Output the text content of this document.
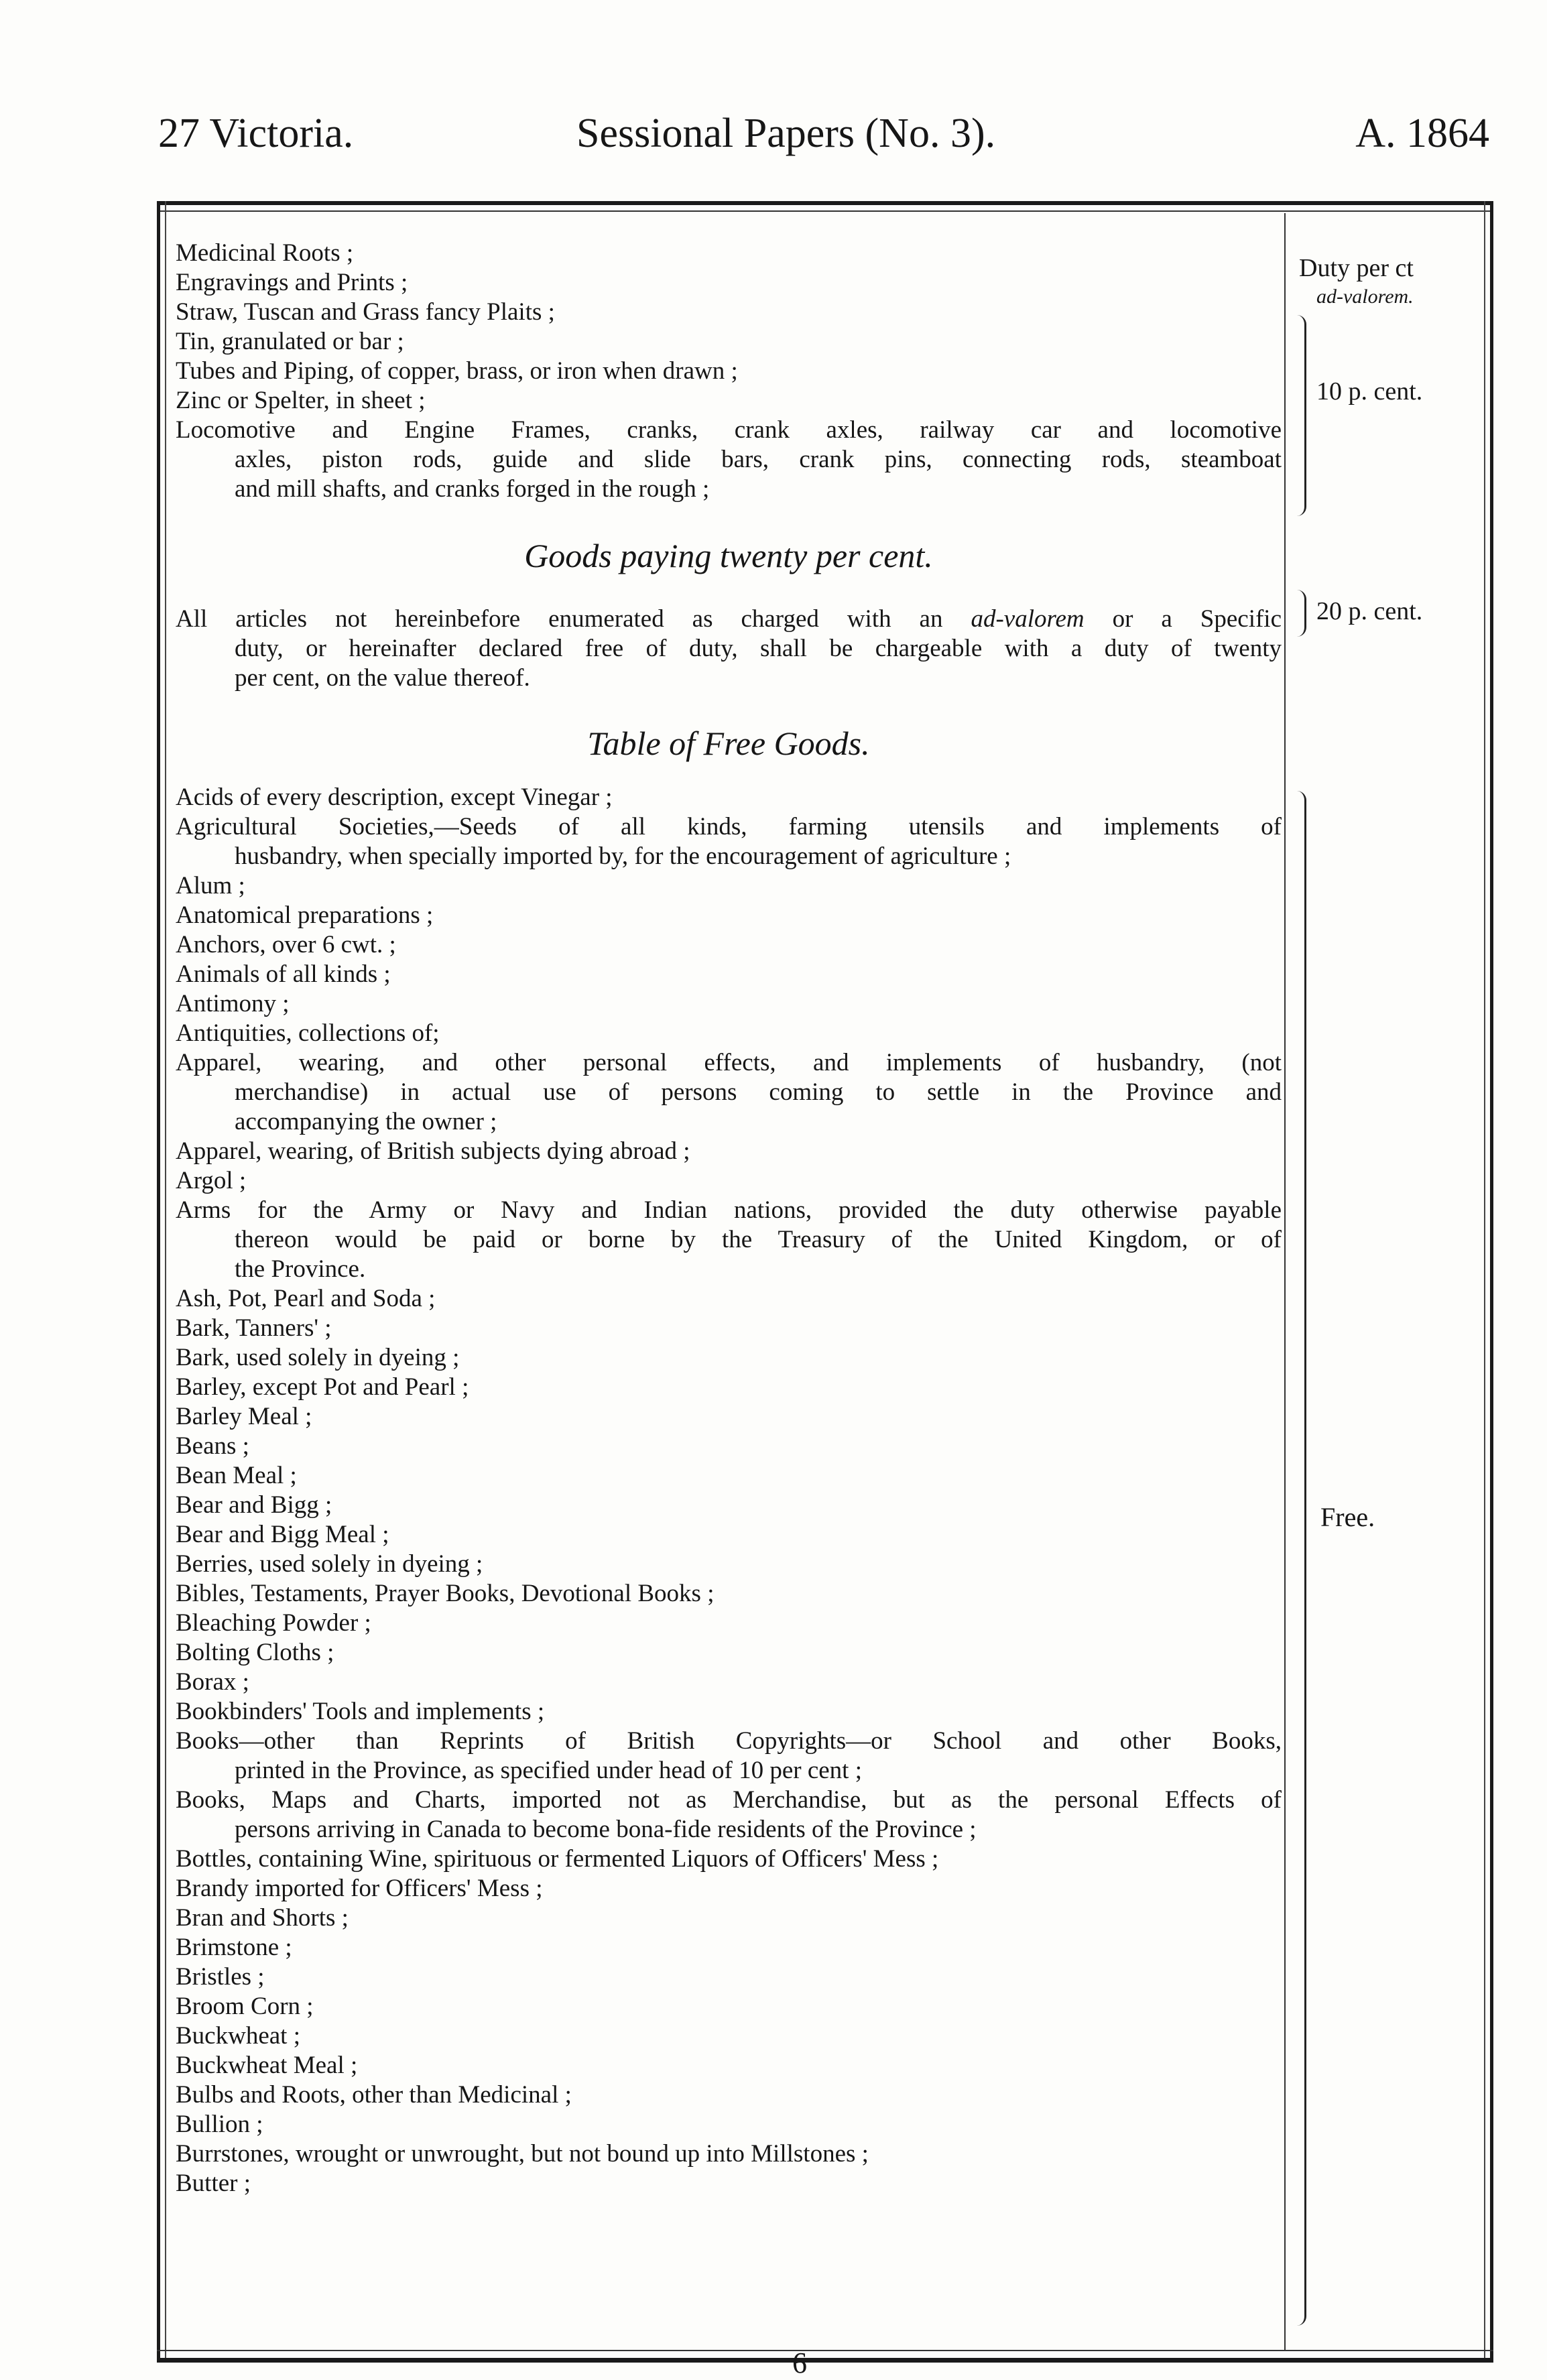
27 Victoria.	Sessional Papers (No. 3).	A. 1864
Medicinal Roots ;
Engravings and Prints ;
Straw, Tuscan and Grass fancy Plaits ;
Tin, granulated or bar ;
Tubes and Piping, of copper, brass, or iron when drawn ;
Zinc or Spelter, in sheet ;
Locomotive and Engine Frames, cranks, crank axles, railway car and locomotive
axles, piston rods, guide and slide bars, crank pins, connecting rods, steamboat
and mill shafts, and cranks forged in the rough ;
Duty per ct
ad-valorem.
10 p. cent.
Goods paying twenty per cent.
All articles not hereinbefore enumerated as charged with an ad-valorem or a Specific
duty, or hereinafter declared free of duty, shall be chargeable with a duty of twenty
per cent, on the value thereof.
20 p. cent.
Table of Free Goods.
Acids of every description, except Vinegar ;
Agricultural Societies,—Seeds of all kinds, farming utensils and implements of
husbandry, when specially imported by, for the encouragement of agriculture ;
Alum ;
Anatomical preparations ;
Anchors, over 6 cwt. ;
Animals of all kinds ;
Antimony ;
Antiquities, collections of;
Apparel, wearing, and other personal effects, and implements of husbandry, (not
merchandise) in actual use of persons coming to settle in the Province and
accompanying the owner ;
Apparel, wearing, of British subjects dying abroad ;
Argol ;
Arms for the Army or Navy and Indian nations, provided the duty otherwise payable
thereon would be paid or borne by the Treasury of the United Kingdom, or of
the Province.
Ash, Pot, Pearl and Soda ;
Bark, Tanners' ;
Bark, used solely in dyeing ;
Barley, except Pot and Pearl ;
Barley Meal ;
Beans ;
Bean Meal ;
Bear and Bigg ;
Bear and Bigg Meal ;
Berries, used solely in dyeing ;
Bibles, Testaments, Prayer Books, Devotional Books ;
Bleaching Powder ;
Bolting Cloths ;
Borax ;
Bookbinders' Tools and implements ;
Books—other than Reprints of British Copyrights—or School and other Books,
printed in the Province, as specified under head of 10 per cent ;
Books, Maps and Charts, imported not as Merchandise, but as the personal Effects of
persons arriving in Canada to become bona-fide residents of the Province ;
Bottles, containing Wine, spirituous or fermented Liquors of Officers' Mess ;
Brandy imported for Officers' Mess ;
Bran and Shorts ;
Brimstone ;
Bristles ;
Broom Corn ;
Buckwheat ;
Buckwheat Meal ;
Bulbs and Roots, other than Medicinal ;
Bullion ;
Burrstones, wrought or unwrought, but not bound up into Millstones ;
Butter ;
Free.
6
